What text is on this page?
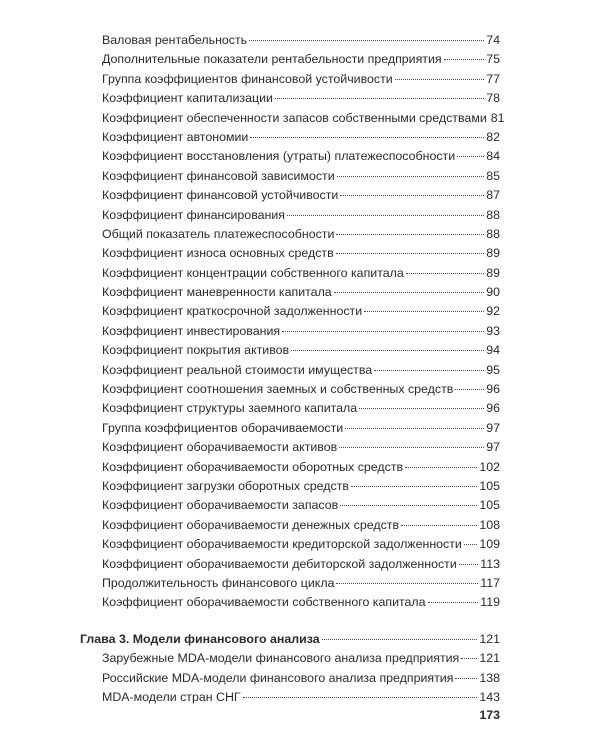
Валовая рентабельность	74
Дополнительные показатели рентабельности предприятия	75
Группа коэффициентов финансовой устойчивости	77
Коэффициент капитализации	78
Коэффициент обеспеченности запасов собственными средствами 81
Коэффициент автономии	82
Коэффициент восстановления (утраты) платежеспособности	84
Коэффициент финансовой зависимости	85
Коэффициент финансовой устойчивости	87
Коэффициент финансирования	88
Общий показатель платежеспособности	88
Коэффициент износа основных средств	89
Коэффициент концентрации собственного капитала	89
Коэффициент маневренности капитала	90
Коэффициент краткосрочной задолженности	92
Коэффициент инвестирования	93
Коэффициент покрытия активов	94
Коэффициент реальной стоимости имущества	95
Коэффициент соотношения заемных и собственных средств	96
Коэффициент структуры заемного капитала	96
Группа коэффициентов оборачиваемости	97
Коэффициент оборачиваемости активов	97
Коэффициент оборачиваемости оборотных средств	102
Коэффициент загрузки оборотных средств	105
Коэффициент оборачиваемости запасов	105
Коэффициент оборачиваемости денежных средств	108
Коэффициент оборачиваемости кредиторской задолженности 109
Коэффициент оборачиваемости дебиторской задолженности 113
Продолжительность финансового цикла	117
Коэффициент оборачиваемости собственного капитала	119
Глава 3. Модели финансового анализа	121
Зарубежные MDA-модели финансового анализа предприятия 121
Российские MDA-модели финансового анализа предприятия 138
MDA-модели стран СНГ	143
173
